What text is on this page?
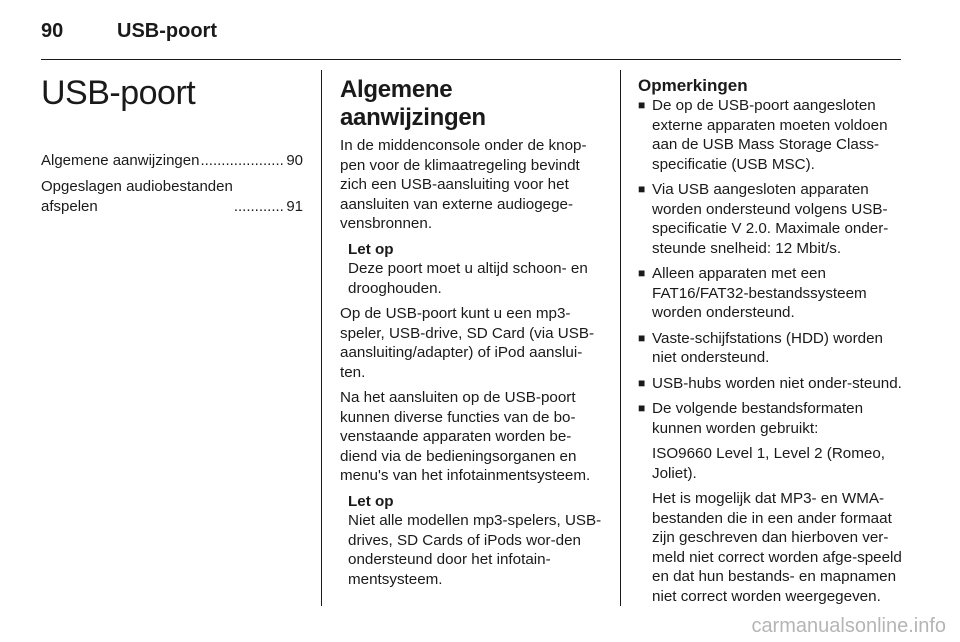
90	USB-poort
USB-poort
Algemene aanwijzingen .....	90
Opgeslagen audiobestanden
afspelen .....	91
Algemene aanwijzingen

In de middenconsole onder de knop-pen voor de klimaatregeling bevindt zich een USB-aansluiting voor het aansluiten van externe audiogege-vensbronnen.

Let op
Deze poort moet u altijd schoon- en drooghouden.

Op de USB-poort kunt u een mp3-speler, USB-drive, SD Card (via USB-aansluiting/adapter) of iPod aanslui-ten.

Na het aansluiten op de USB-poort kunnen diverse functies van de bo-venstaande apparaten worden be-diend via de bedieningsorganen en menu's van het infotainmentsysteem.

Let op
Niet alle modellen mp3-spelers, USB-drives, SD Cards of iPods wor-den ondersteund door het infotain-mentsysteem.
Opmerkingen
■ De op de USB-poort aangesloten externe apparaten moeten voldoen aan de USB Mass Storage Class-specificatie (USB MSC).
■ Via USB aangesloten apparaten worden ondersteund volgens USB-specificatie V 2.0. Maximale onder-steunde snelheid: 12 Mbit/s.
■ Alleen apparaten met een FAT16/FAT32-bestandssysteem worden ondersteund.
■ Vaste-schijfstations (HDD) worden niet ondersteund.
■ USB-hubs worden niet onder-steund.
■ De volgende bestandsformaten kunnen worden gebruikt:
ISO9660 Level 1, Level 2 (Romeo, Joliet).
Het is mogelijk dat MP3- en WMA-bestanden die in een ander formaat zijn geschreven dan hierboven ver-meld niet correct worden afge-speeld en dat hun bestands- en mapnamen niet correct worden weergegeven.
carmanualsonline.info
